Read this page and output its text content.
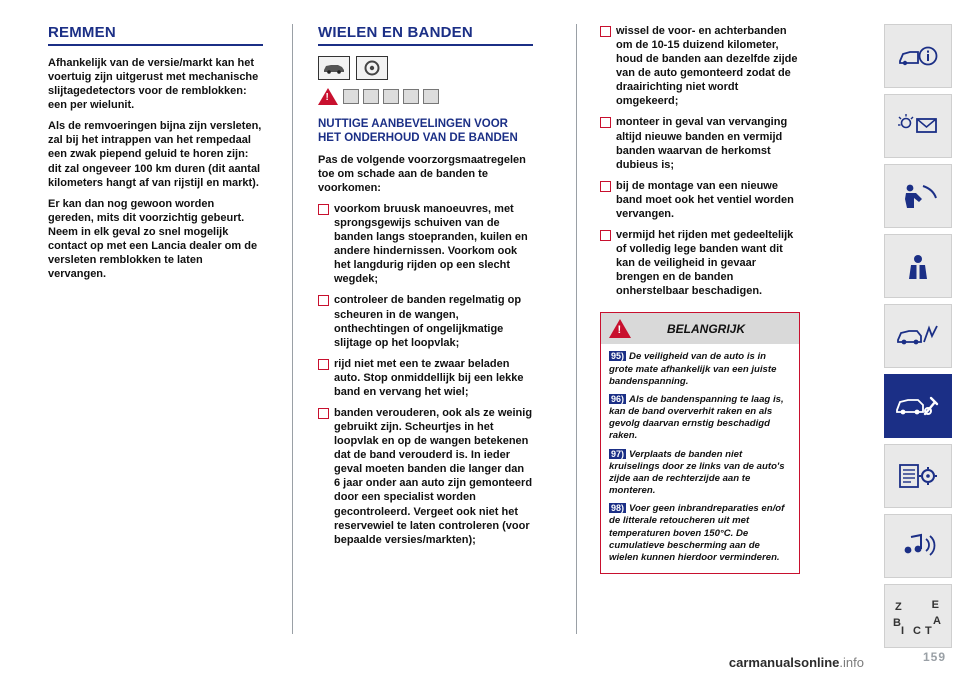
REMMEN

Afhankelijk van de versie/markt kan het voertuig zijn uitgerust met mechanische slijtagedetectors voor de remblokken: een per wielunit.

Als de remvoeringen bijna zijn versleten, zal bij het intrappen van het rempedaal een zwak piepend geluid te horen zijn: dit zal ongeveer 100 km duren (dit aantal kilometers hangt af van rijstijl en markt).

Er kan dan nog gewoon worden gereden, mits dit voorzichtig gebeurt. Neem in elk geval zo snel mogelijk contact op met een Lancia dealer om de versleten remblokken te laten vervangen.

WIELEN EN BANDEN
!
NUTTIGE AANBEVELINGEN VOOR HET ONDERHOUD VAN DE BANDEN

Pas de volgende voorzorgsmaatregelen toe om schade aan de banden te voorkomen:

voorkom bruusk manoeuvres, met sprongsgewijs schuiven van de banden langs stoepranden, kuilen en andere hindernissen. Voorkom ook het langdurig rijden op een slecht wegdek;
controleer de banden regelmatig op scheuren in de wangen, onthechtingen of ongelijkmatige slijtage op het loopvlak;
rijd niet met een te zwaar beladen auto. Stop onmiddellijk bij een lekke band en vervang het wiel;
banden verouderen, ook als ze weinig gebruikt zijn. Scheurtjes in het loopvlak en op de wangen betekenen dat de band verouderd is. In ieder geval moeten banden die langer dan 6 jaar onder aan auto zijn gemonteerd door een specialist worden gecontroleerd. Vergeet ook niet het reservewiel te laten controleren (voor bepaalde versies/markten);
wissel de voor- en achterbanden om de 10-15 duizend kilometer, houd de banden aan dezelfde zijde van de auto gemonteerd zodat de draairichting niet wordt omgekeerd;
monteer in geval van vervanging altijd nieuwe banden en vermijd banden waarvan de herkomst dubieus is;
bij de montage van een nieuwe band moet ook het ventiel worden vervangen.
vermijd het rijden met gedeeltelijk of volledig lege banden want dit kan de veiligheid in gevaar brengen en de banden onherstelbaar beschadigen.
!
BELANGRIJK

95) De veiligheid van de auto is in grote mate afhankelijk van een juiste bandenspanning.

96) Als de bandenspanning te laag is, kan de band oververhit raken en als gevolg daarvan ernstig beschadigd raken.

97) Verplaats de banden niet kruiselings door ze links van de auto's zijde aan de rechterzijde aan te monteren.

98) Voer geen inbrandreparaties en/of de litterale retoucheren uit met temperaturen boven 150°C. De cumulatieve bescherming aan de wielen kunnen hierdoor verminderen.

Z	E
B	A
I C T
carmanualsonline.info	159
